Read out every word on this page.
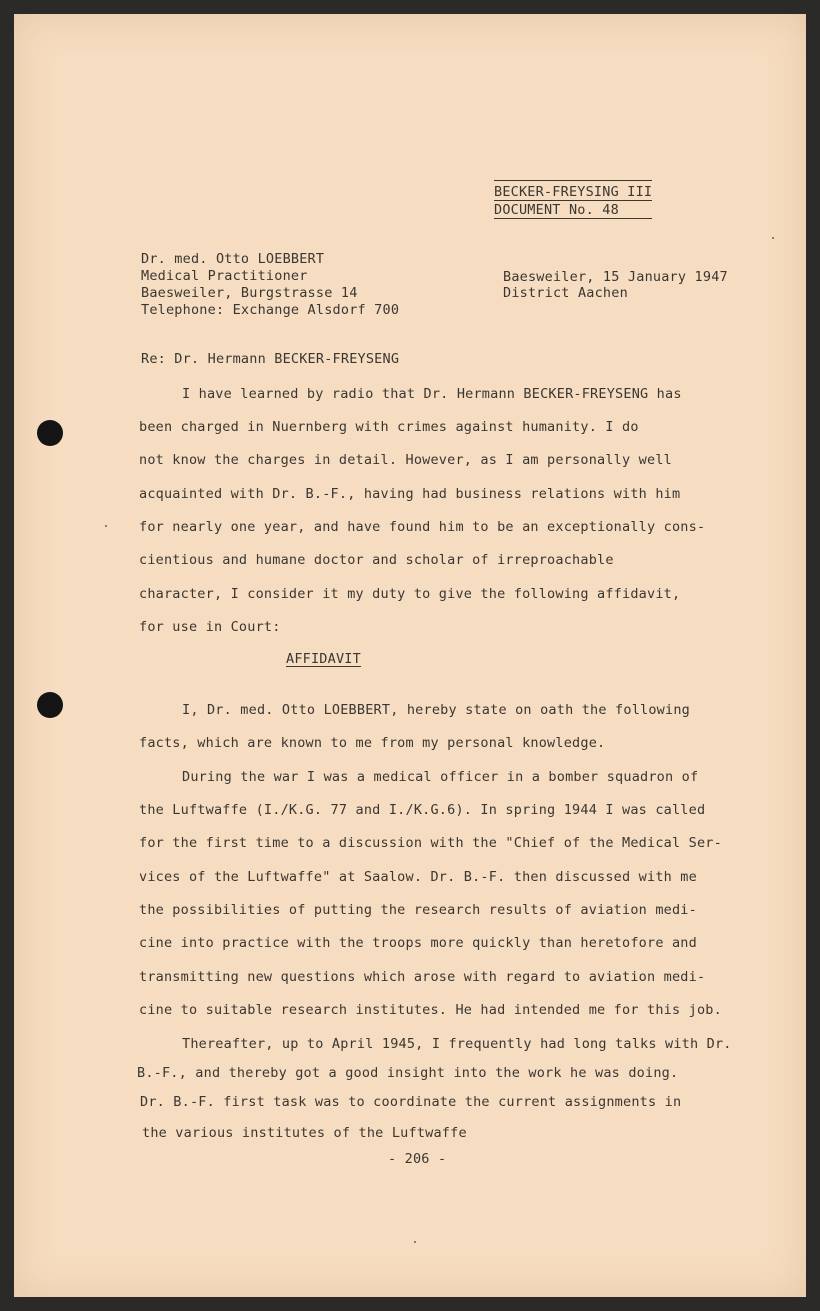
BECKER-FREYSING III
DOCUMENT No. 48
Dr. med. Otto LOEBBERT
Medical Practitioner
Baesweiler, Burgstrasse 14
Telephone: Exchange Alsdorf 700
Baesweiler, 15 January 1947
District Aachen
Re: Dr. Hermann BECKER-FREYSENG
I have learned by radio that Dr. Hermann BECKER-FREYSENG has
been charged in Nuernberg with crimes against humanity. I do
not know the charges in detail. However, as I am personally well
acquainted with Dr. B.-F., having had business relations with him
for nearly one year, and have found him to be an exceptionally cons-
cientious and humane doctor and scholar of irreproachable
character, I consider it my duty to give the following affidavit,
for use in Court:
AFFIDAVIT
I, Dr. med. Otto LOEBBERT, hereby state on oath the following
facts, which are known to me from my personal knowledge.
During the war I was a medical officer in a bomber squadron of
the Luftwaffe (I./K.G. 77 and I./K.G.6). In spring 1944 I was called
for the first time to a discussion with the "Chief of the Medical Ser-
vices of the Luftwaffe" at Saalow. Dr. B.-F. then discussed with me
the possibilities of putting the research results of aviation medi-
cine into practice with the troops more quickly than heretofore and
transmitting new questions which arose with regard to aviation medi-
cine to suitable research institutes. He had intended me for this job.
Thereafter, up to April 1945, I frequently had long talks with Dr.
B.-F., and thereby got a good insight into the work he was doing.
Dr. B.-F. first task was to coordinate the current assignments in
the various institutes of the Luftwaffe
- 206 -
